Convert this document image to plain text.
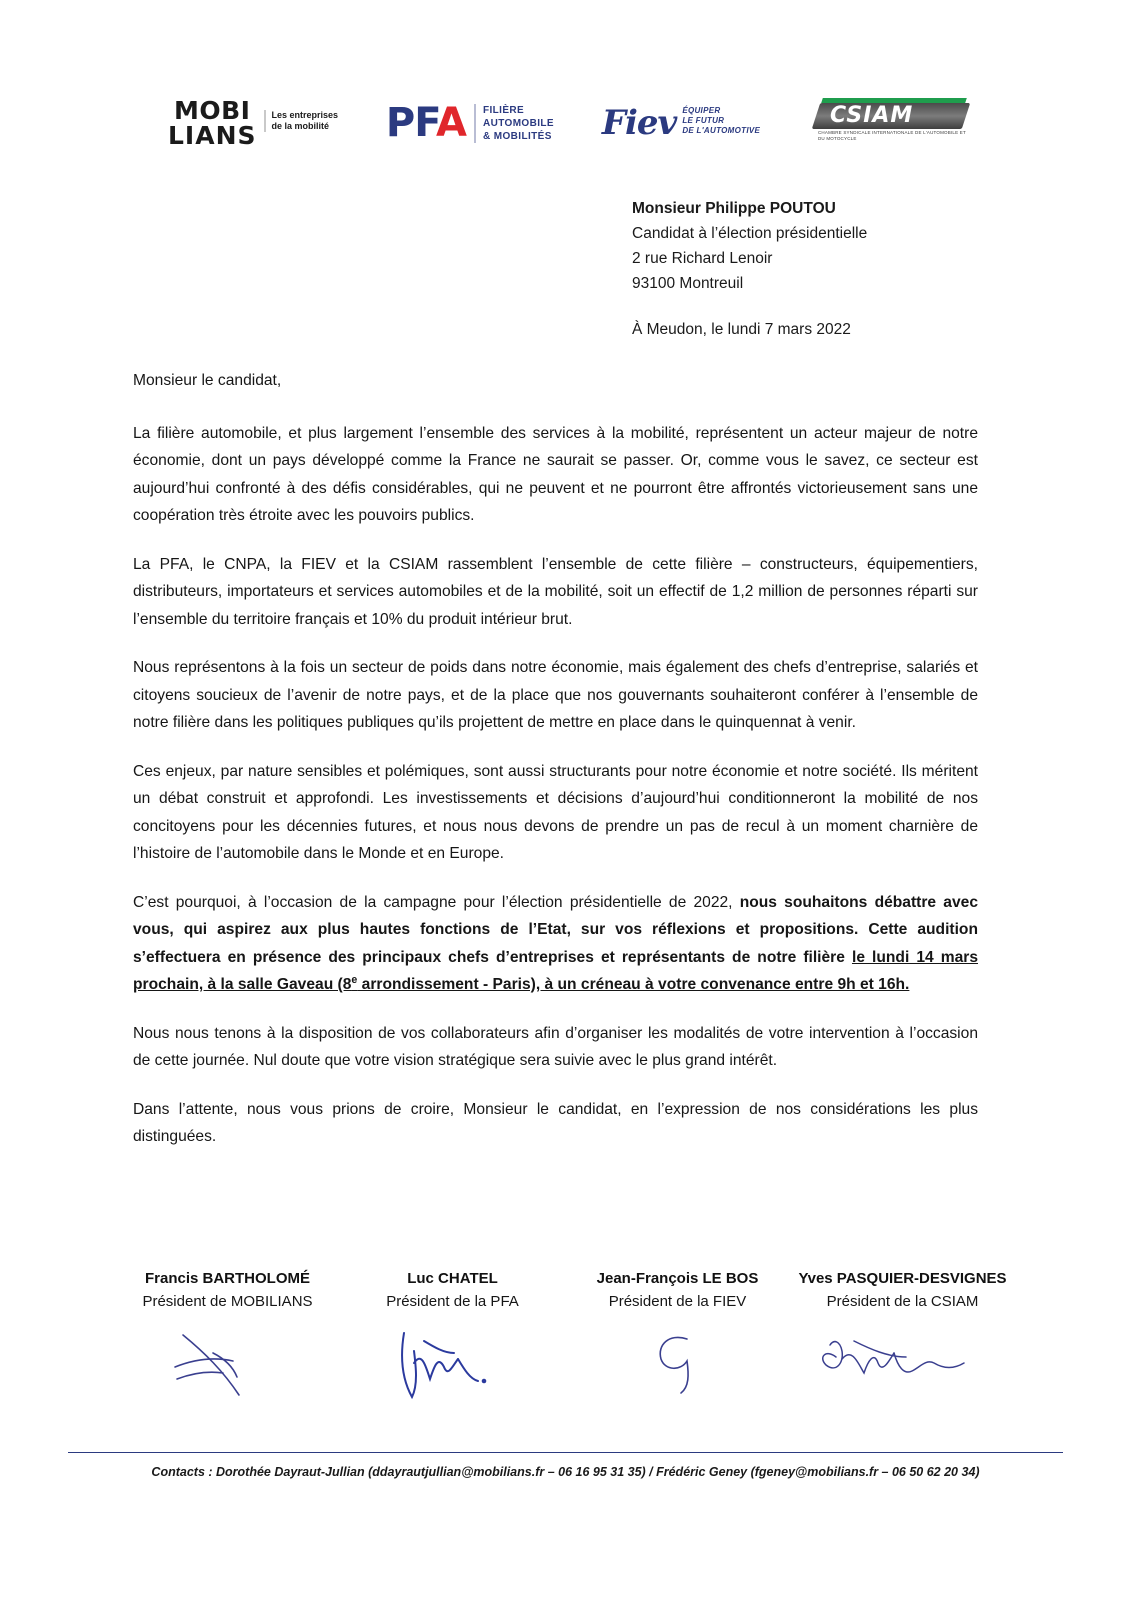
MOBI
LIANS
Les entreprises
de la mobilité PFA FILIÈRE
AUTOMOBILE
& MOBILITÉS Fiev ÉQUIPER
LE FUTUR
DE L'AUTOMOTIVE
CSIAM
CHAMBRE SYNDICALE INTERNATIONALE DE L'AUTOMOBILE ET DU MOTOCYCLE
Monsieur Philippe POUTOU
Candidat à l’élection présidentielle
2 rue Richard Lenoir
93100 Montreuil
À Meudon, le lundi 7 mars 2022

Monsieur le candidat,

La filière automobile, et plus largement l’ensemble des services à la mobilité, représentent un acteur majeur de notre économie, dont un pays développé comme la France ne saurait se passer. Or, comme vous le savez, ce secteur est aujourd’hui confronté à des défis considérables, qui ne peuvent et ne pourront être affrontés victorieusement sans une coopération très étroite avec les pouvoirs publics.

La PFA, le CNPA, la FIEV et la CSIAM rassemblent l’ensemble de cette filière – constructeurs, équipementiers, distributeurs, importateurs et services automobiles et de la mobilité, soit un effectif de 1,2 million de personnes réparti sur l’ensemble du territoire français et 10% du produit intérieur brut.

Nous représentons à la fois un secteur de poids dans notre économie, mais également des chefs d’entreprise, salariés et citoyens soucieux de l’avenir de notre pays, et de la place que nos gouvernants souhaiteront conférer à l’ensemble de notre filière dans les politiques publiques qu’ils projettent de mettre en place dans le quinquennat à venir.

Ces enjeux, par nature sensibles et polémiques, sont aussi structurants pour notre économie et notre société. Ils méritent un débat construit et approfondi. Les investissements et décisions d’aujourd’hui conditionneront la mobilité de nos concitoyens pour les décennies futures, et nous nous devons de prendre un pas de recul à un moment charnière de l’histoire de l’automobile dans le Monde et en Europe.

C’est pourquoi, à l’occasion de la campagne pour l’élection présidentielle de 2022, nous souhaitons débattre avec vous, qui aspirez aux plus hautes fonctions de l’Etat, sur vos réflexions et propositions. Cette audition s’effectuera en présence des principaux chefs d’entreprises et représentants de notre filière le lundi 14 mars prochain, à la salle Gaveau (8e arrondissement - Paris), à un créneau à votre convenance entre 9h et 16h.

Nous nous tenons à la disposition de vos collaborateurs afin d’organiser les modalités de votre intervention à l’occasion de cette journée. Nul doute que votre vision stratégique sera suivie avec le plus grand intérêt.

Dans l’attente, nous vous prions de croire, Monsieur le candidat, en l’expression de nos considérations les plus distinguées.

Francis BARTHOLOMÉ
Président de MOBILIANS
Luc CHATEL
Président de la PFA
Jean-François LE BOS
Président de la FIEV
Yves PASQUIER-DESVIGNES
Président de la CSIAM
Contacts : Dorothée Dayraut-Jullian (ddayrautjullian@mobilians.fr – 06 16 95 31 35) / Frédéric Geney (fgeney@mobilians.fr – 06 50 62 20 34)
